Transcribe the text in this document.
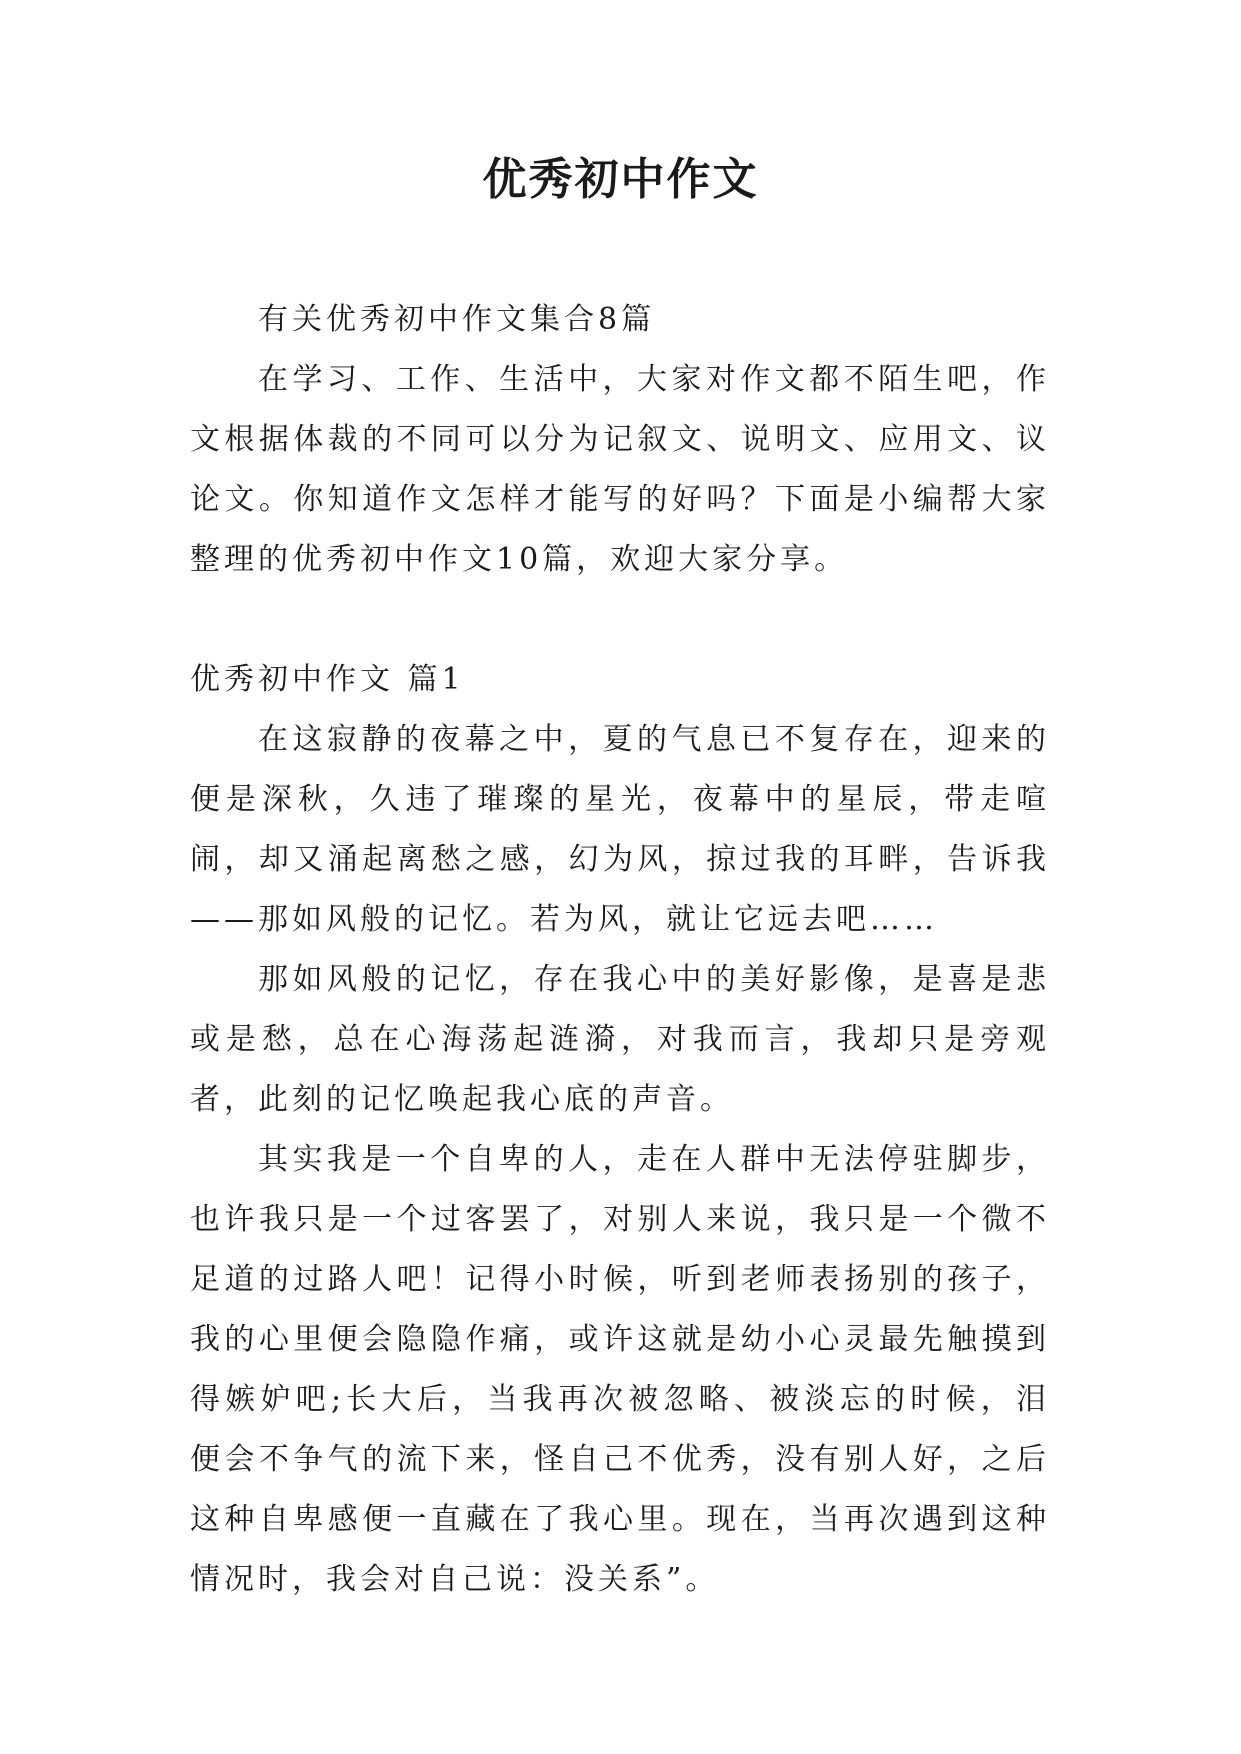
优秀初中作文

有关优秀初中作文集合8篇

在学习、工作、生活中，大家对作文都不陌生吧，作文根据体裁的不同可以分为记叙文、说明文、应用文、议论文。你知道作文怎样才能写的好吗？下面是小编帮大家整理的优秀初中作文10篇，欢迎大家分享。

优秀初中作文 篇1

在这寂静的夜幕之中，夏的气息已不复存在，迎来的便是深秋，久违了璀璨的星光，夜幕中的星辰，带走喧闹，却又涌起离愁之感，幻为风，掠过我的耳畔，告诉我——那如风般的记忆。若为风，就让它远去吧……

那如风般的记忆，存在我心中的美好影像，是喜是悲或是愁，总在心海荡起涟漪，对我而言，我却只是旁观者，此刻的记忆唤起我心底的声音。

其实我是一个自卑的人，走在人群中无法停驻脚步，也许我只是一个过客罢了，对别人来说，我只是一个微不足道的过路人吧！记得小时候，听到老师表扬别的孩子，我的心里便会隐隐作痛，或许这就是幼小心灵最先触摸到得嫉妒吧;长大后，当我再次被忽略、被淡忘的时候，泪便会不争气的流下来，怪自己不优秀，没有别人好，之后这种自卑感便一直藏在了我心里。现在，当再次遇到这种情况时，我会对自己说：没关系”。
